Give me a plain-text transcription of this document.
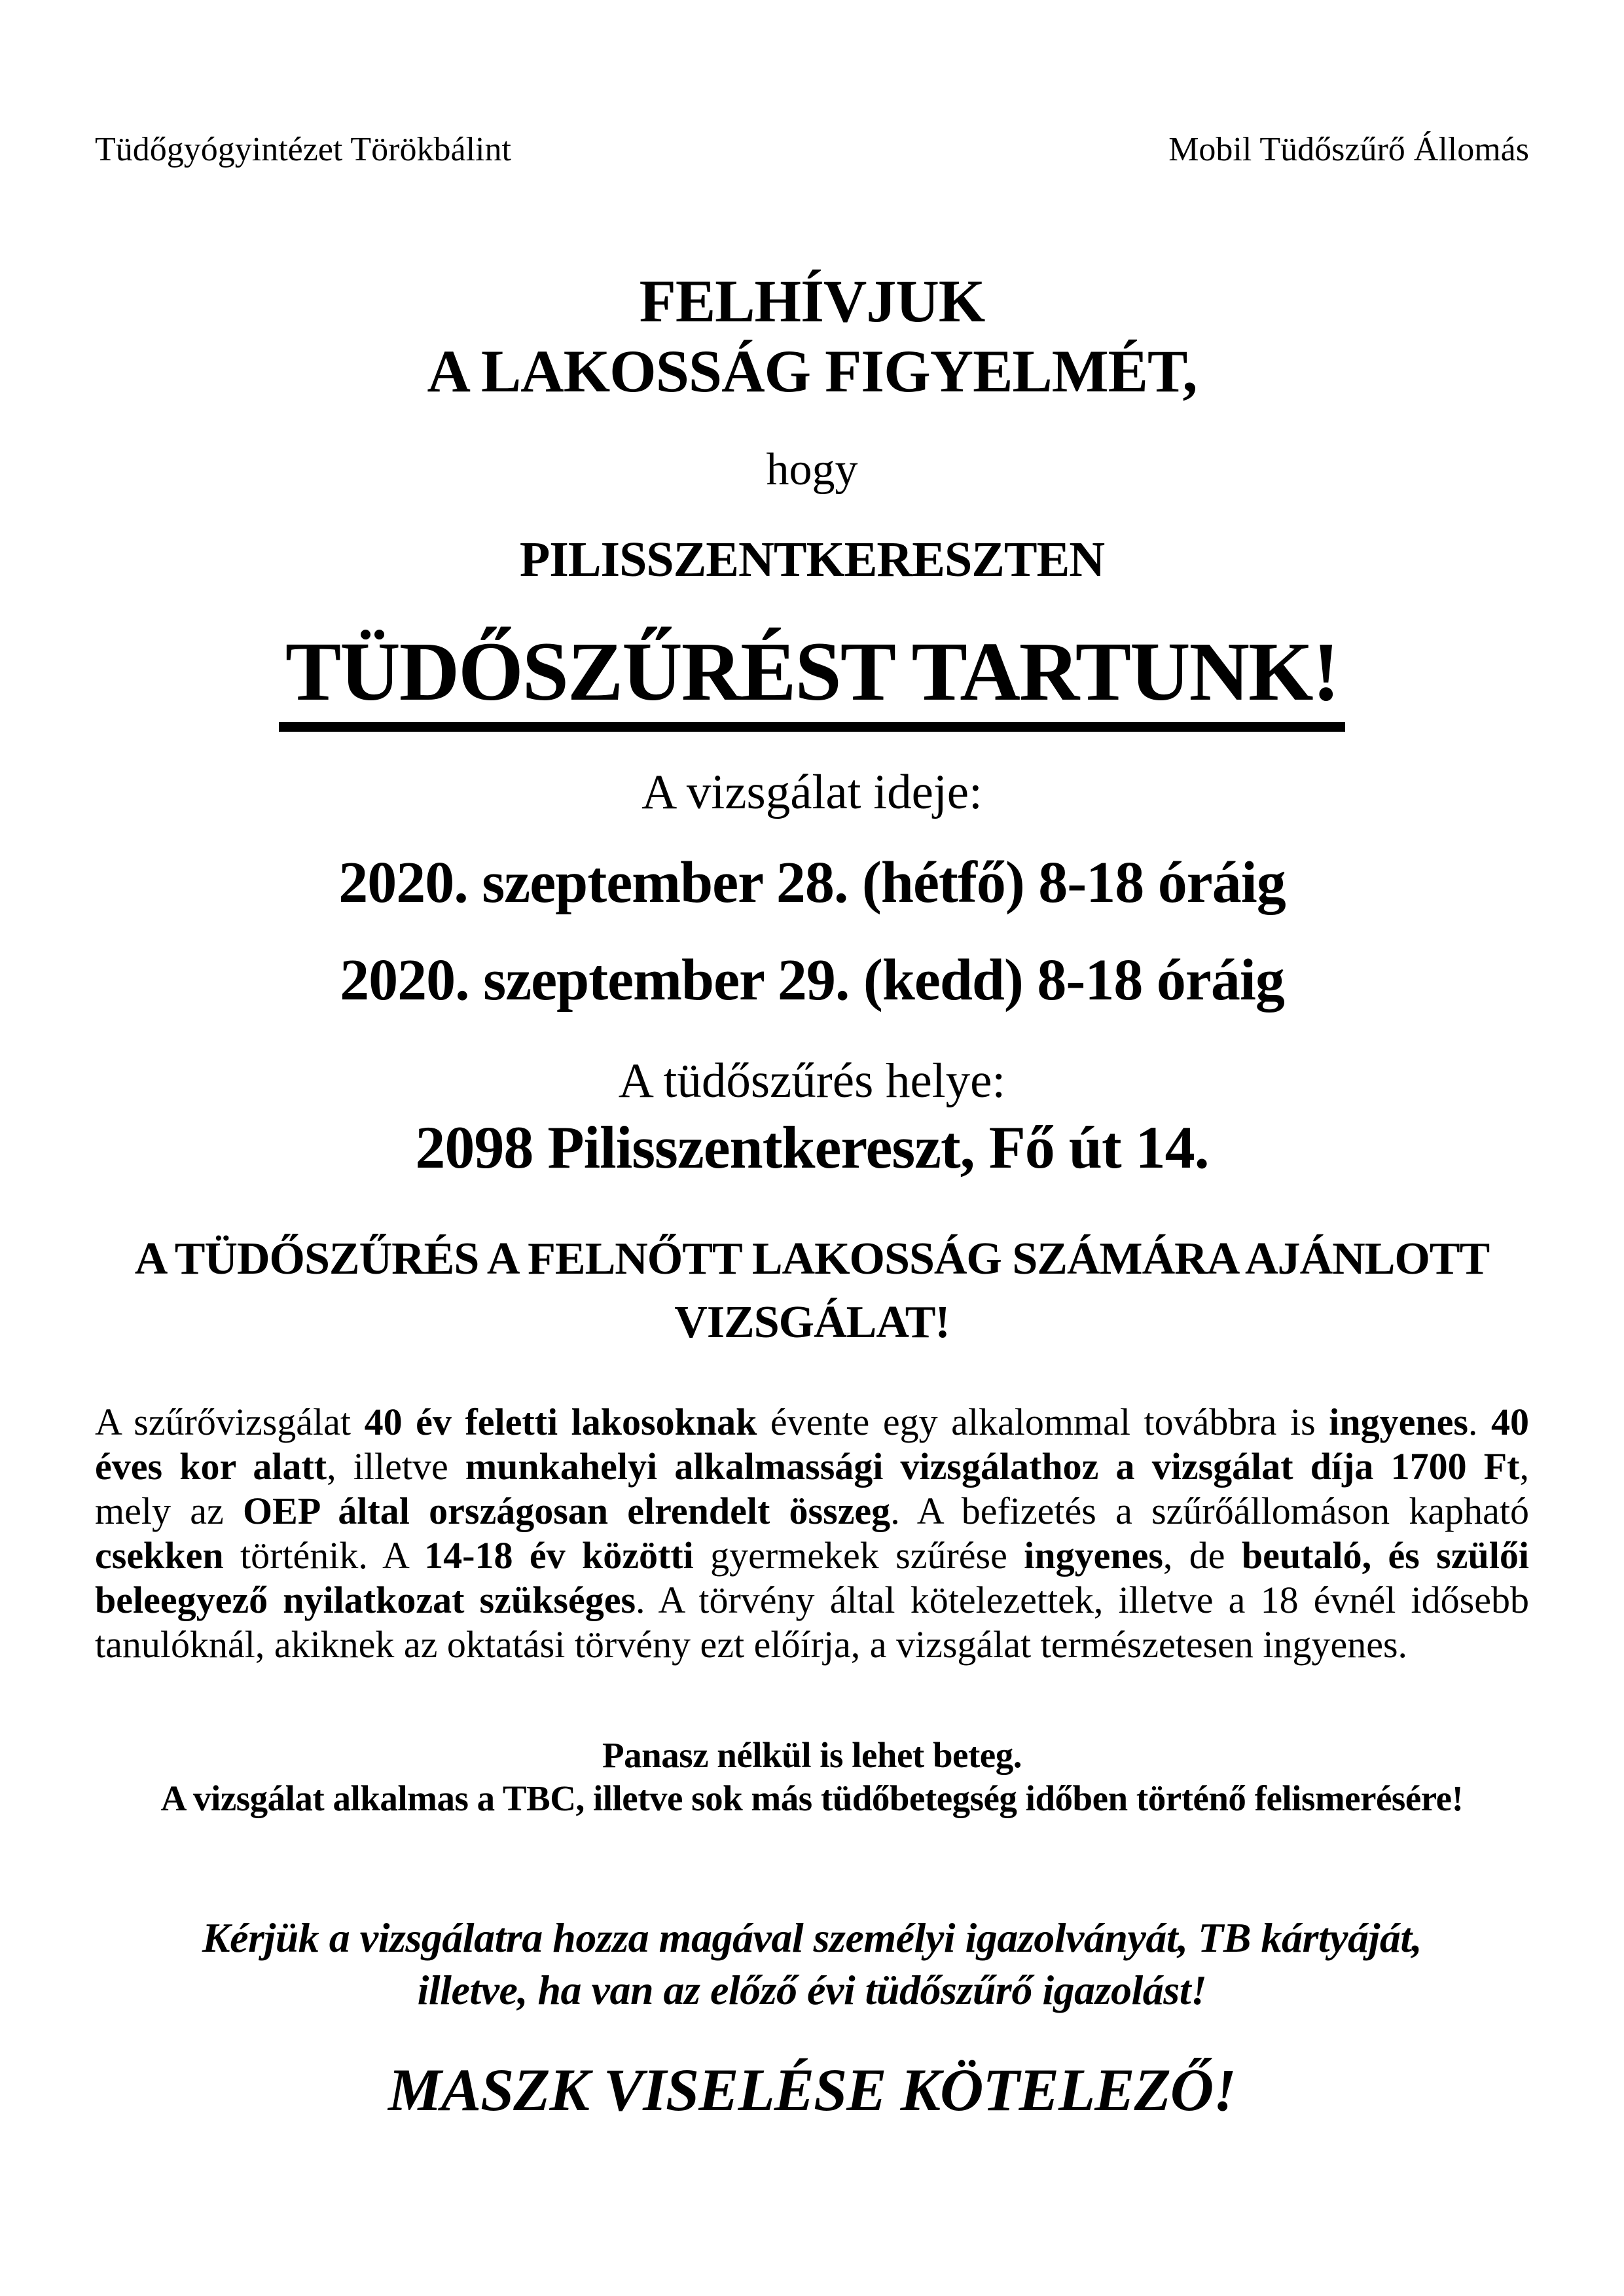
Tüdőgyógyintézet Törökbálint	Mobil Tüdőszűrő Állomás
FELHÍVJUK
A LAKOSSÁG FIGYELMÉT,
hogy
PILISSZENTKERESZTEN
TÜDŐSZŰRÉST TARTUNK!
A vizsgálat ideje:
2020. szeptember 28. (hétfő) 8-18 óráig
2020. szeptember 29. (kedd) 8-18 óráig
A tüdőszűrés helye:
2098 Pilisszentkereszt, Fő út 14.
A TÜDŐSZŰRÉS A FELNŐTT LAKOSSÁG SZÁMÁRA AJÁNLOTT
VIZSGÁLAT!

A szűrővizsgálat 40 év feletti lakosoknak évente egy alkalommal továbbra is ingyenes. 40 éves kor alatt, illetve munkahelyi alkalmassági vizsgálathoz a vizsgálat díja 1700 Ft, mely az OEP által országosan elrendelt összeg. A befizetés a szűrőállomáson kapható csekken történik. A 14-18 év közötti gyermekek szűrése ingyenes, de beutaló, és szülői beleegyező nyilatkozat szükséges. A törvény által kötelezettek, illetve a 18 évnél idősebb tanulóknál, akiknek az oktatási törvény ezt előírja, a vizsgálat természetesen ingyenes.

Panasz nélkül is lehet beteg.
A vizsgálat alkalmas a TBC, illetve sok más tüdőbetegség időben történő felismerésére!
Kérjük a vizsgálatra hozza magával személyi igazolványát, TB kártyáját,
illetve, ha van az előző évi tüdőszűrő igazolást!
MASZK VISELÉSE KÖTELEZŐ!
